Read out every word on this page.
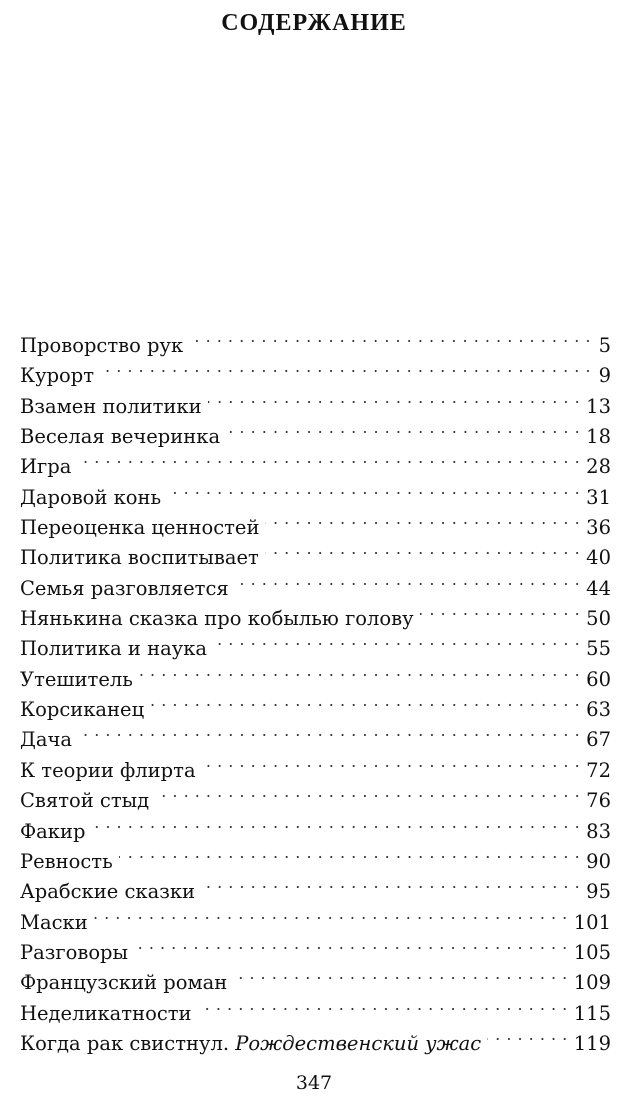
СОДЕРЖАНИЕ
Проворство рук . . .	5
Курорт . . .	9
Взамен политики . . .	13
Веселая вечеринка . . .	18
Игра . . .	28
Даровой конь . . .	31
Переоценка ценностей . . .	36
Политика воспитывает . . .	40
Семья разговляется . . .	44
Нянькина сказка про кобылью голову . . .	50
Политика и наука . . .	55
Утешитель . . .	60
Корсиканец . . .	63
Дача . . .	67
К теории флирта . . .	72
Святой стыд . . .	76
Факир . . .	83
Ревность . . .	90
Арабские сказки . . .	95
Маски . . .	101
Разговоры . . .	105
Французский роман . . .	109
Неделикатности . . .	115
Когда рак свистнул. Рождественский ужас . . .	119
347
